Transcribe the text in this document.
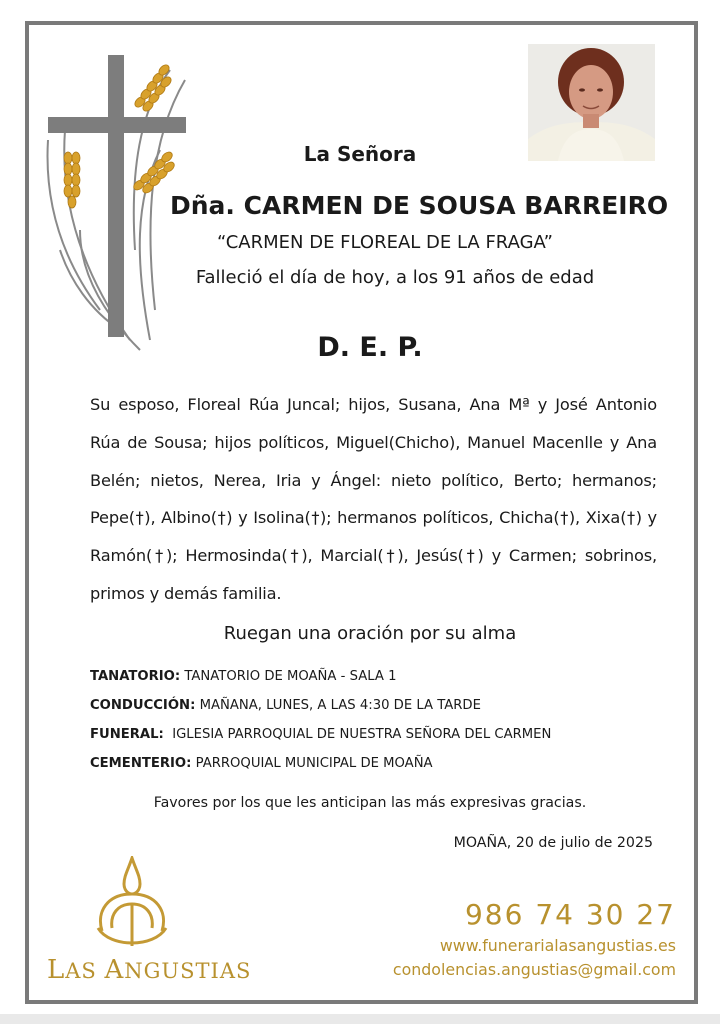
La Señora
Dña. CARMEN DE SOUSA BARREIRO
“CARMEN DE FLOREAL DE LA FRAGA”
Falleció el día de hoy, a los 91 años de edad
D. E. P.

Su esposo, Floreal Rúa Juncal; hijos, Susana, Ana Mª y José Antonio Rúa de Sousa; hijos políticos, Miguel(Chicho), Manuel Macenlle y Ana Belén; nietos, Nerea, Iria y Ángel: nieto político, Berto; hermanos; Pepe(†), Albino(†) y Isolina(†); hermanos políticos, Chicha(†), Xixa(†) y Ramón(†); Hermosinda(†), Marcial(†), Jesús(†) y Carmen; sobrinos, primos y demás familia.

Ruegan una oración por su alma
TANATORIO: TANATORIO DE MOAÑA - SALA 1
CONDUCCIÓN: MAÑANA, LUNES, A LAS 4:30 DE LA TARDE
FUNERAL:  IGLESIA PARROQUIAL DE NUESTRA SEÑORA DEL CARMEN
CEMENTERIO: PARROQUIAL MUNICIPAL DE MOAÑA
Favores por los que les anticipan las más expresivas gracias.
MOAÑA, 20 de julio de 2025
LAS ANGUSTIAS
986 74 30 27
www.funerarialasangustias.es
condolencias.angustias@gmail.com
